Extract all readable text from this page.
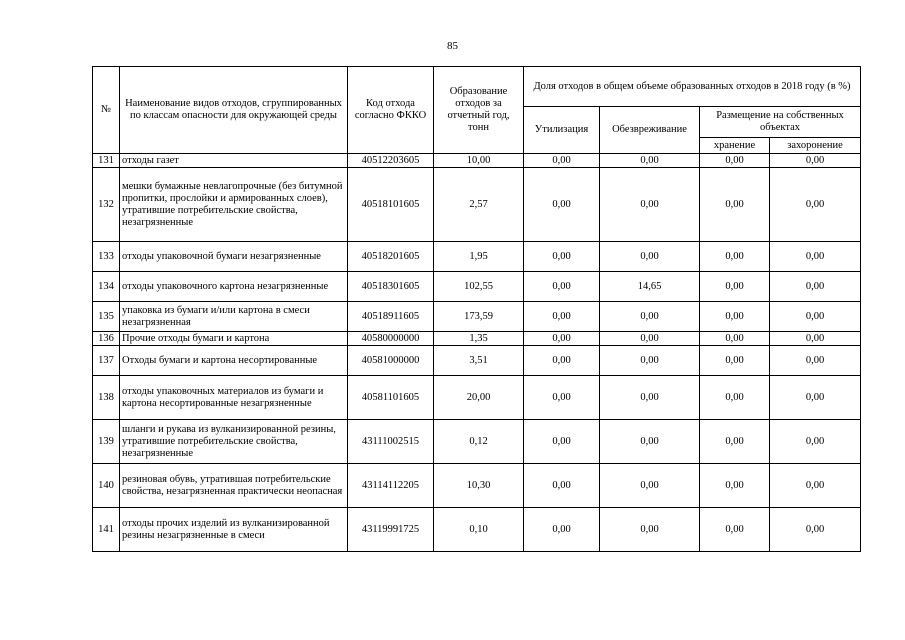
85
№	Наименование видов отходов, сгруппированных по классам опасности для окружающей среды	Код отхода согласно ФККО	Образование отходов за отчетный год, тонн	Доля отходов в общем объеме образованных отходов в 2018 году (в %)			
				Утилизация	Обезвреживание	Размещение на собственных объектах	
						хранение	захоронение
131	отходы газет	40512203605	10,00	0,00	0,00	0,00	0,00
132	мешки бумажные невлагопрочные (без битумной пропитки, прослойки и армированных слоев), утратившие потребительские свойства, незагрязненные	40518101605	2,57	0,00	0,00	0,00	0,00
133	отходы упаковочной бумаги незагрязненные	40518201605	1,95	0,00	0,00	0,00	0,00
134	отходы упаковочного картона незагрязненные	40518301605	102,55	0,00	14,65	0,00	0,00
135	упаковка из бумаги и/или картона в смеси незагрязненная	40518911605	173,59	0,00	0,00	0,00	0,00
136	Прочие отходы бумаги и картона	40580000000	1,35	0,00	0,00	0,00	0,00
137	Отходы бумаги и картона несортированные	40581000000	3,51	0,00	0,00	0,00	0,00
138	отходы упаковочных материалов из бумаги и картона несортированные незагрязненные	40581101605	20,00	0,00	0,00	0,00	0,00
139	шланги и рукава из вулканизированной резины, утратившие потребительские свойства, незагрязненные	43111002515	0,12	0,00	0,00	0,00	0,00
140	резиновая обувь, утратившая потребительские свойства, незагрязненная практически неопасная	43114112205	10,30	0,00	0,00	0,00	0,00
141	отходы прочих изделий из вулканизированной резины незагрязненные в смеси	43119991725	0,10	0,00	0,00	0,00	0,00
